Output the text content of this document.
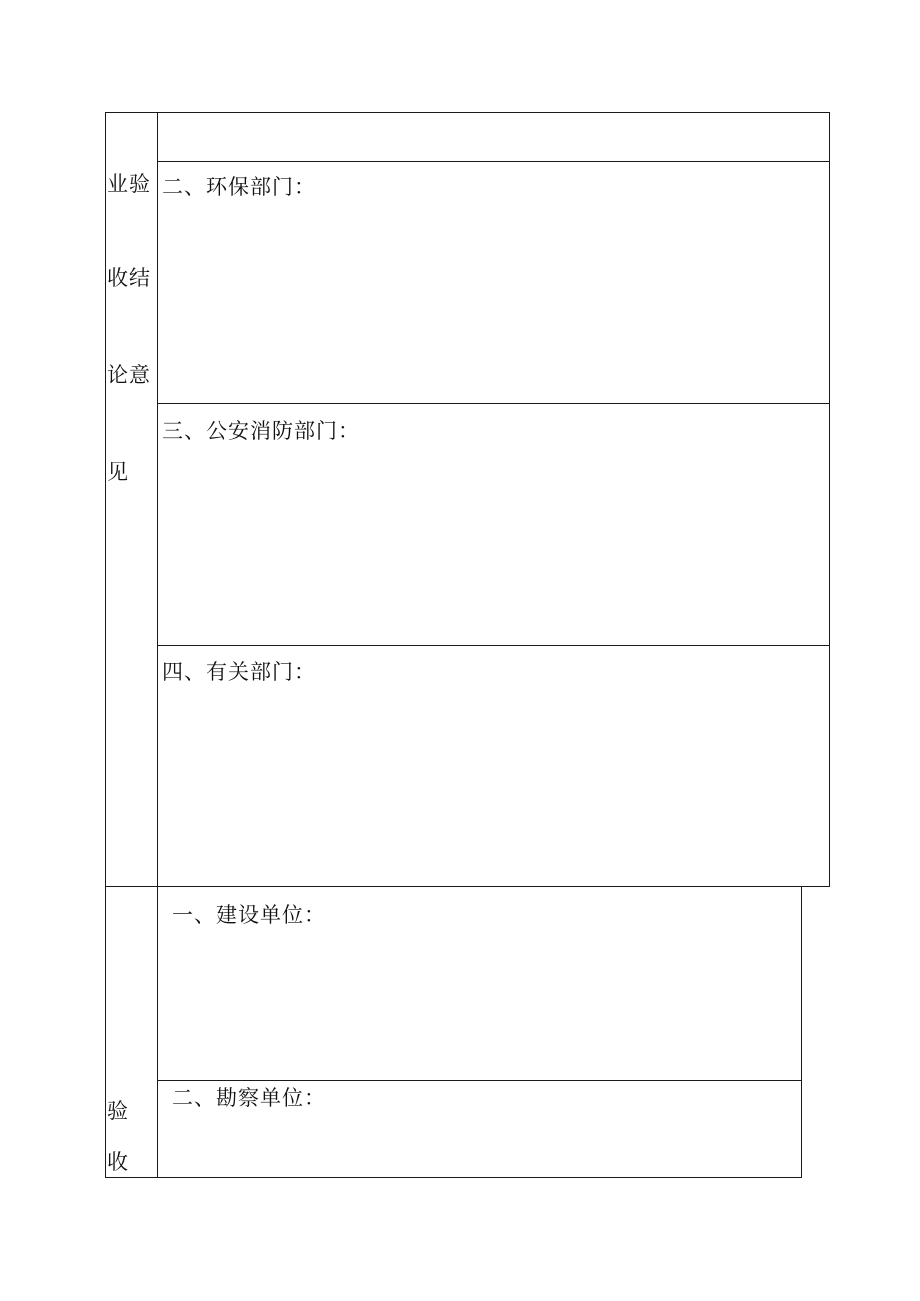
业验
收结
论意
见
二、环保部门：
三、公安消防部门：
四、有关部门：
验
收
一、建设单位：
二、勘察单位：
